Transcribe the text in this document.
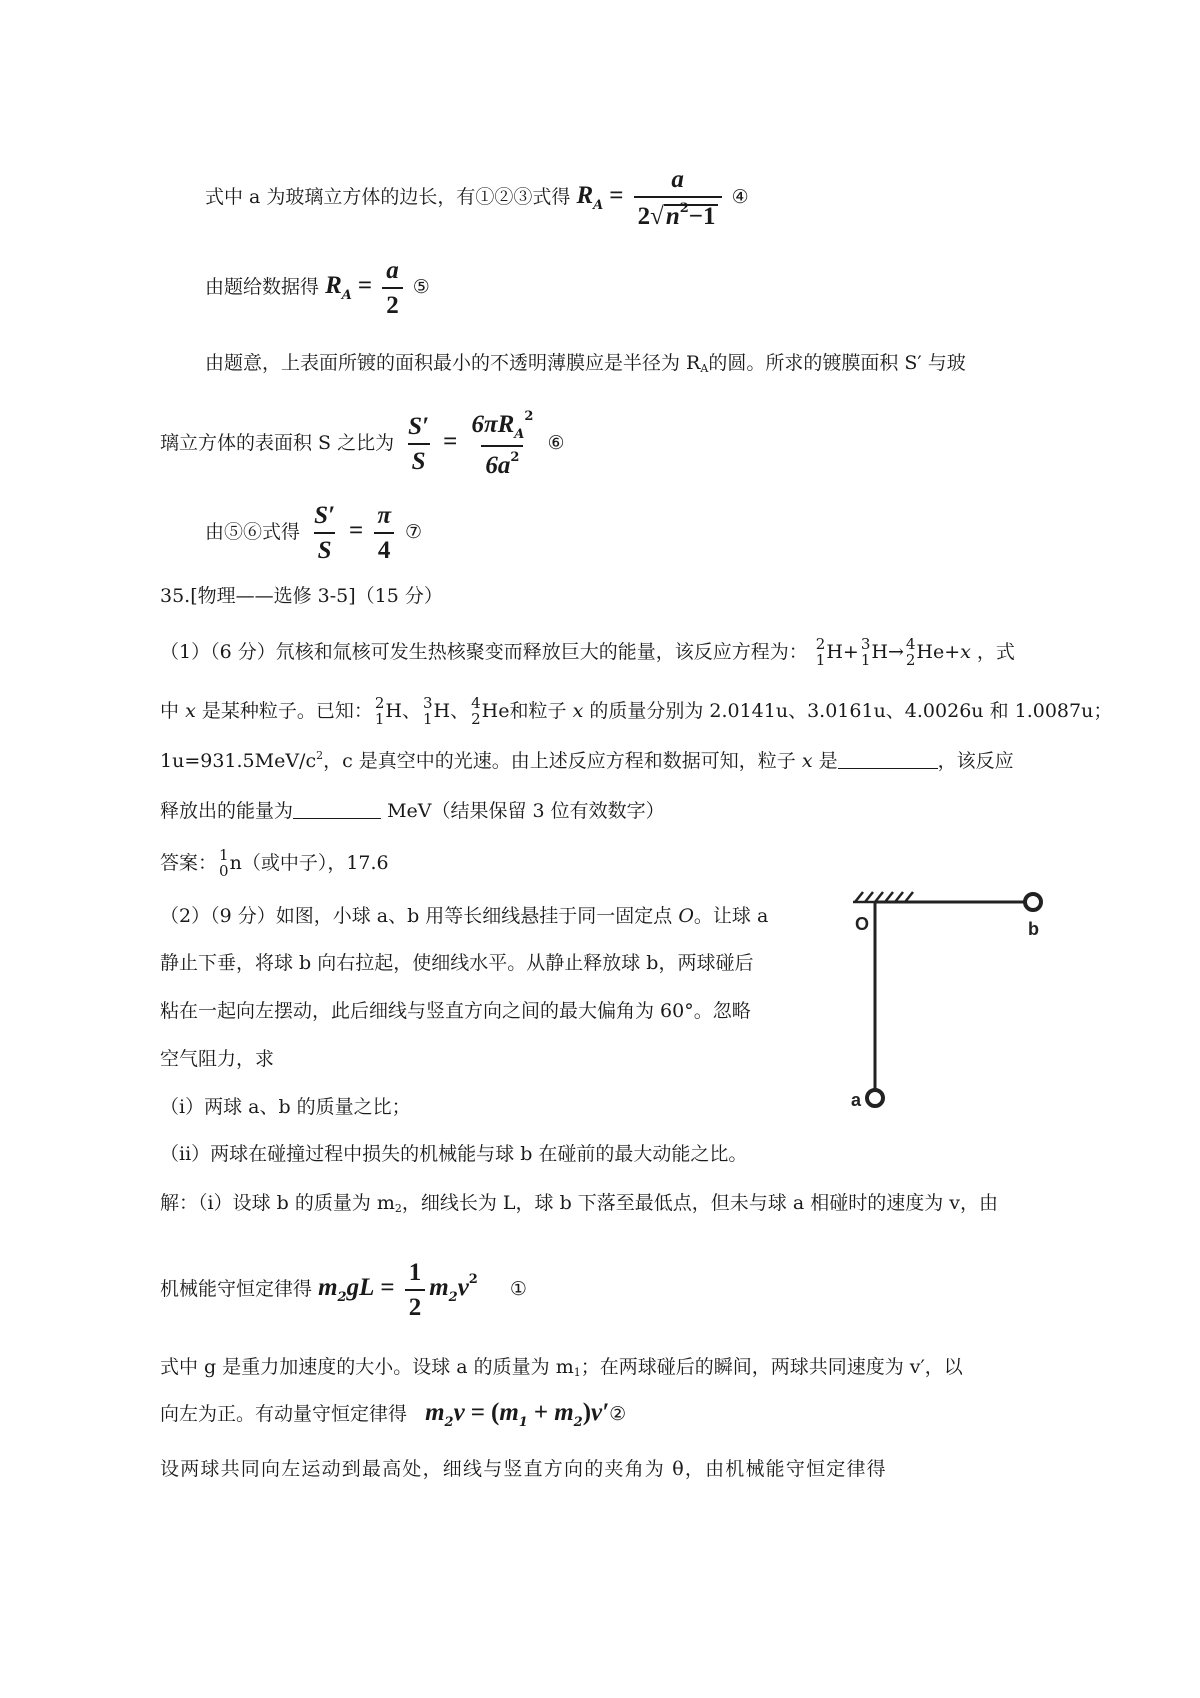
式中 a 为玻璃立方体的边长，有①②③式得 $R_A = \frac{a}{2√n^2-1}$ ④
由题给数据得 $R_A = \frac{a}{2}$ ⑤
由题意，上表面所镀的面积最小的不透明薄膜应是半径为 RA的圆。所求的镀膜面积 S′ 与玻
璃立方体的表面积 S 之比为 $\frac{S'}{S} = \frac{6\pi R_A^2}{6a^2}$ ⑥
由⑤⑥式得 $\frac{S'}{S} = \frac{\pi}{4}$ ⑦
35.[物理——选修 3-5]（15 分）
（1）（6 分）氘核和氚核可发生热核聚变而释放巨大的能量，该反应方程为： 2
1 H+ 3
1 H→ 4
2 He+x ，式
中 x 是某种粒子。已知： 2
1 H、 3
1 H、 4
2 He和粒子 x 的质量分别为 2.0141u、3.0161u、4.0026u 和 1.0087u；
$1u=931.5MeV/c^2$，c 是真空中的光速。由上述反应方程和数据可知，粒子 x 是	，该反应
释放出的能量为	MeV（结果保留 3 位有效数字）
答案： 1
0 n（或中子），17.6
（2）（9 分）如图，小球 a、b 用等长细线悬挂于同一固定点 O。让球 a
静止下垂，将球 b 向右拉起，使细线水平。从静止释放球 b，两球碰后
粘在一起向左摆动，此后细线与竖直方向之间的最大偏角为 60°。忽略
空气阻力，求
（i）两球 a、b 的质量之比；
（ii）两球在碰撞过程中损失的机械能与球 b 在碰前的最大动能之比。
O	b
a
解：（i）设球 b 的质量为 m2，细线长为 L，球 b 下落至最低点，但未与球 a 相碰时的速度为 v，由
机械能守恒定律得 $m_2gL = \frac{1}{2} m_2v^2$ ①
式中 g 是重力加速度的大小。设球 a 的质量为 m1；在两球碰后的瞬间，两球共同速度为 v′，以
向左为正。有动量守恒定律得 $m_2v = (m_1$ + $m_2)v'②$
设两球共同向左运动到最高处，细线与竖直方向的夹角为 θ，由机械能守恒定律得
